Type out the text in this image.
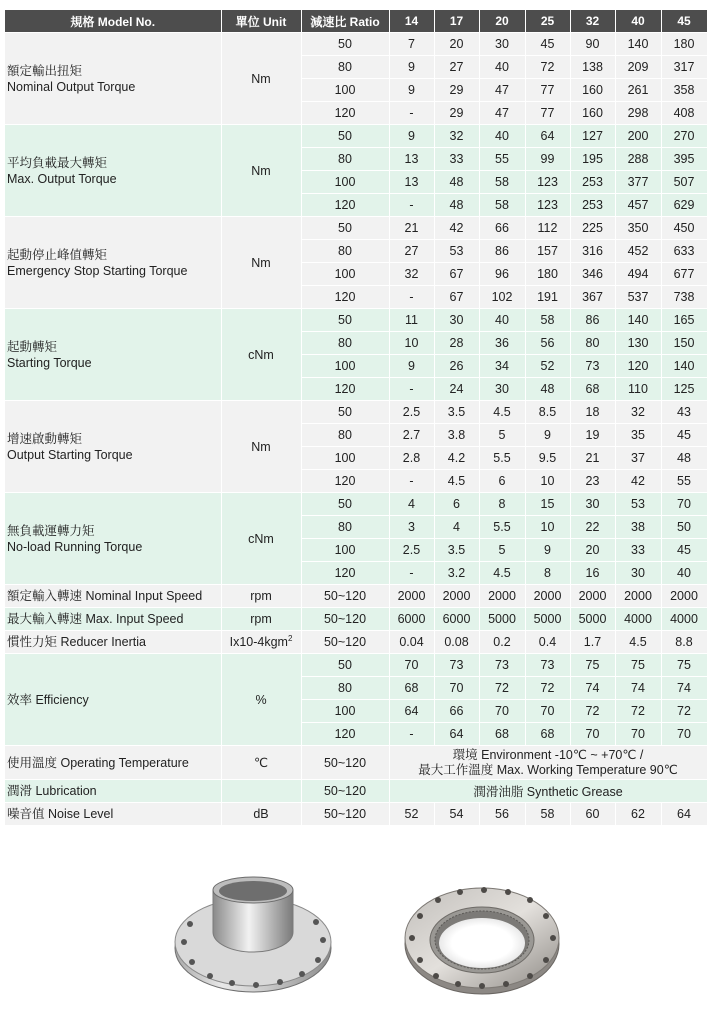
規格 Model No.	單位 Unit	減速比 Ratio	14	17	20	25	32	40	45

額定輸出扭矩
Nominal Output Torque	Nm	50	7	20	30	45	90	140	180
		80	9	27	40	72	138	209	317
		100	9	29	47	77	160	261	358
		120	-	29	47	77	160	298	408

平均負載最大轉矩
Max. Output Torque	Nm	50	9	32	40	64	127	200	270
		80	13	33	55	99	195	288	395
		100	13	48	58	123	253	377	507
		120	-	48	58	123	253	457	629

起動停止峰值轉矩
Emergency Stop Starting Torque	Nm	50	21	42	66	112	225	350	450
		80	27	53	86	157	316	452	633
		100	32	67	96	180	346	494	677
		120	-	67	102	191	367	537	738

起動轉矩
Starting Torque	cNm	50	11	30	40	58	86	140	165
		80	10	28	36	56	80	130	150
		100	9	26	34	52	73	120	140
		120	-	24	30	48	68	110	125

增速啟動轉矩
Output Starting Torque	Nm	50	2.5	3.5	4.5	8.5	18	32	43
		80	2.7	3.8	5	9	19	35	45
		100	2.8	4.2	5.5	9.5	21	37	48
		120	-	4.5	6	10	23	42	55

無負載運轉力矩
No-load Running Torque	cNm	50	4	6	8	15	30	53	70
		80	3	4	5.5	10	22	38	50
		100	2.5	3.5	5	9	20	33	45
		120	-	3.2	4.5	8	16	30	40
額定輸入轉速 Nominal Input Speed	rpm	50~120	2000	2000	2000	2000	2000	2000	2000
最大輸入轉速 Max. Input Speed	rpm	50~120	6000	6000	5000	5000	5000	4000	4000
慣性力矩 Reducer Inertia	Ix10-4kgm$^2$	50~120	0.04	0.08	0.2	0.4	1.7	4.5	8.8
效率 Efficiency	%	50	70	73	73	73	75	75	75
		80	68	70	72	72	74	74	74
		100	64	66	70	70	72	72	72
		120	-	64	68	68	70	70	70
使用溫度 Operating Temperature	℃	50~120	環境 Environment -10℃ ~ +70℃ /
最大工作溫度 Max. Working Temperature 90℃						

潤滑 Lubrication		50~120	潤滑油脂 Synthetic Grease						
噪音值 Noise Level	dB	50~120	52	54	56	58	60	62	64
